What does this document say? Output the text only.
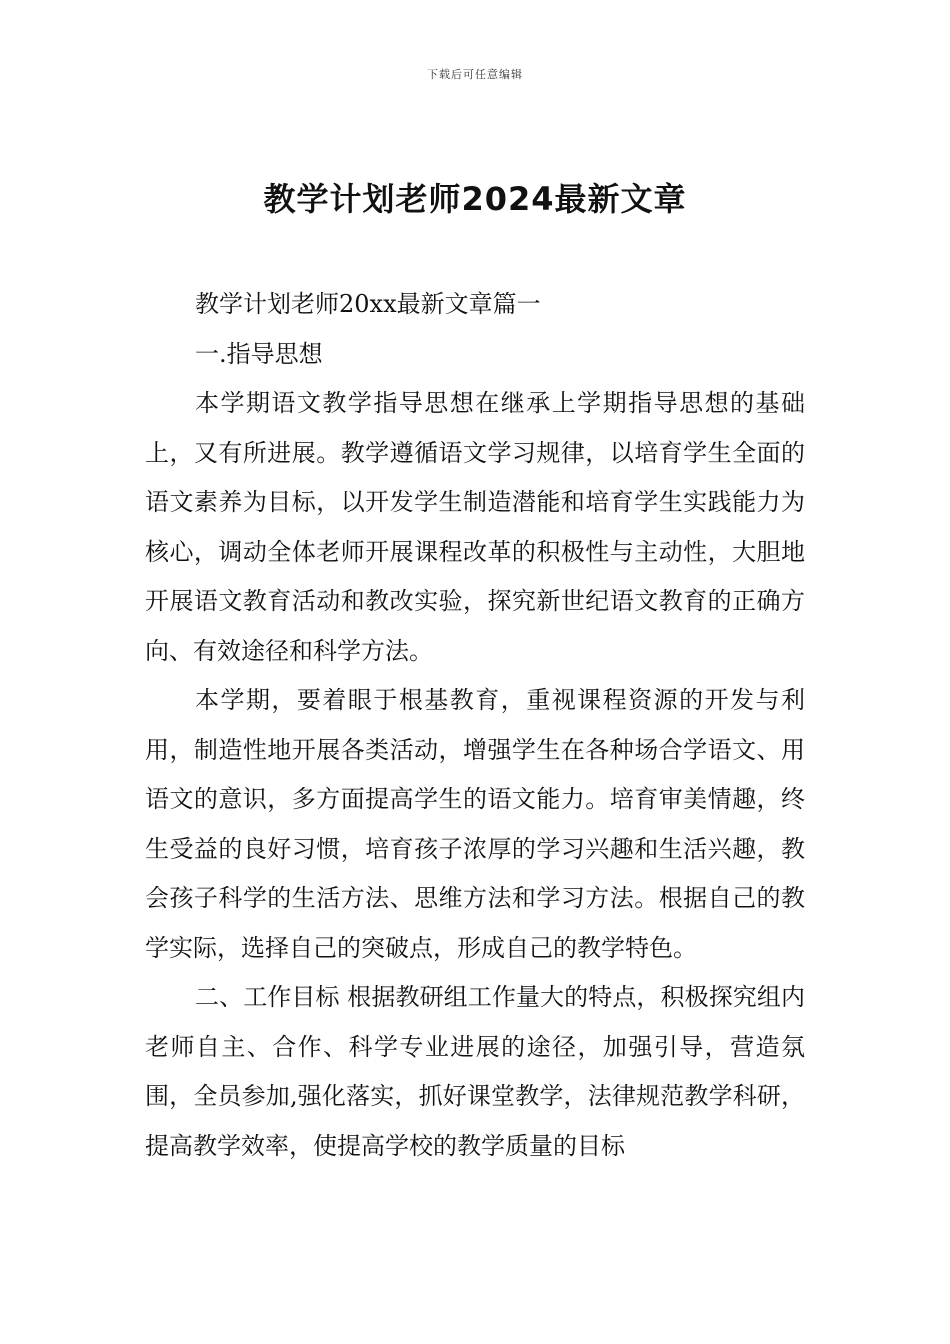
下载后可任意编辑
教学计划老师2024最新文章

教学计划老师20xx最新文章篇一

一.指导思想

本学期语文教学指导思想在继承上学期指导思想的基础上，又有所进展。教学遵循语文学习规律，以培育学生全面的语文素养为目标，以开发学生制造潜能和培育学生实践能力为核心，调动全体老师开展课程改革的积极性与主动性，大胆地开展语文教育活动和教改实验，探究新世纪语文教育的正确方向、有效途径和科学方法。

本学期，要着眼于根基教育，重视课程资源的开发与利用，制造性地开展各类活动，增强学生在各种场合学语文、用语文的意识，多方面提高学生的语文能力。培育审美情趣，终生受益的良好习惯，培育孩子浓厚的学习兴趣和生活兴趣，教会孩子科学的生活方法、思维方法和学习方法。根据自己的教学实际，选择自己的突破点，形成自己的教学特色。

二、工作目标 根据教研组工作量大的特点，积极探究组内老师自主、合作、科学专业进展的途径，加强引导，营造氛围，全员参加,强化落实，抓好课堂教学，法律规范教学科研，提高教学效率，使提高学校的教学质量的目标
